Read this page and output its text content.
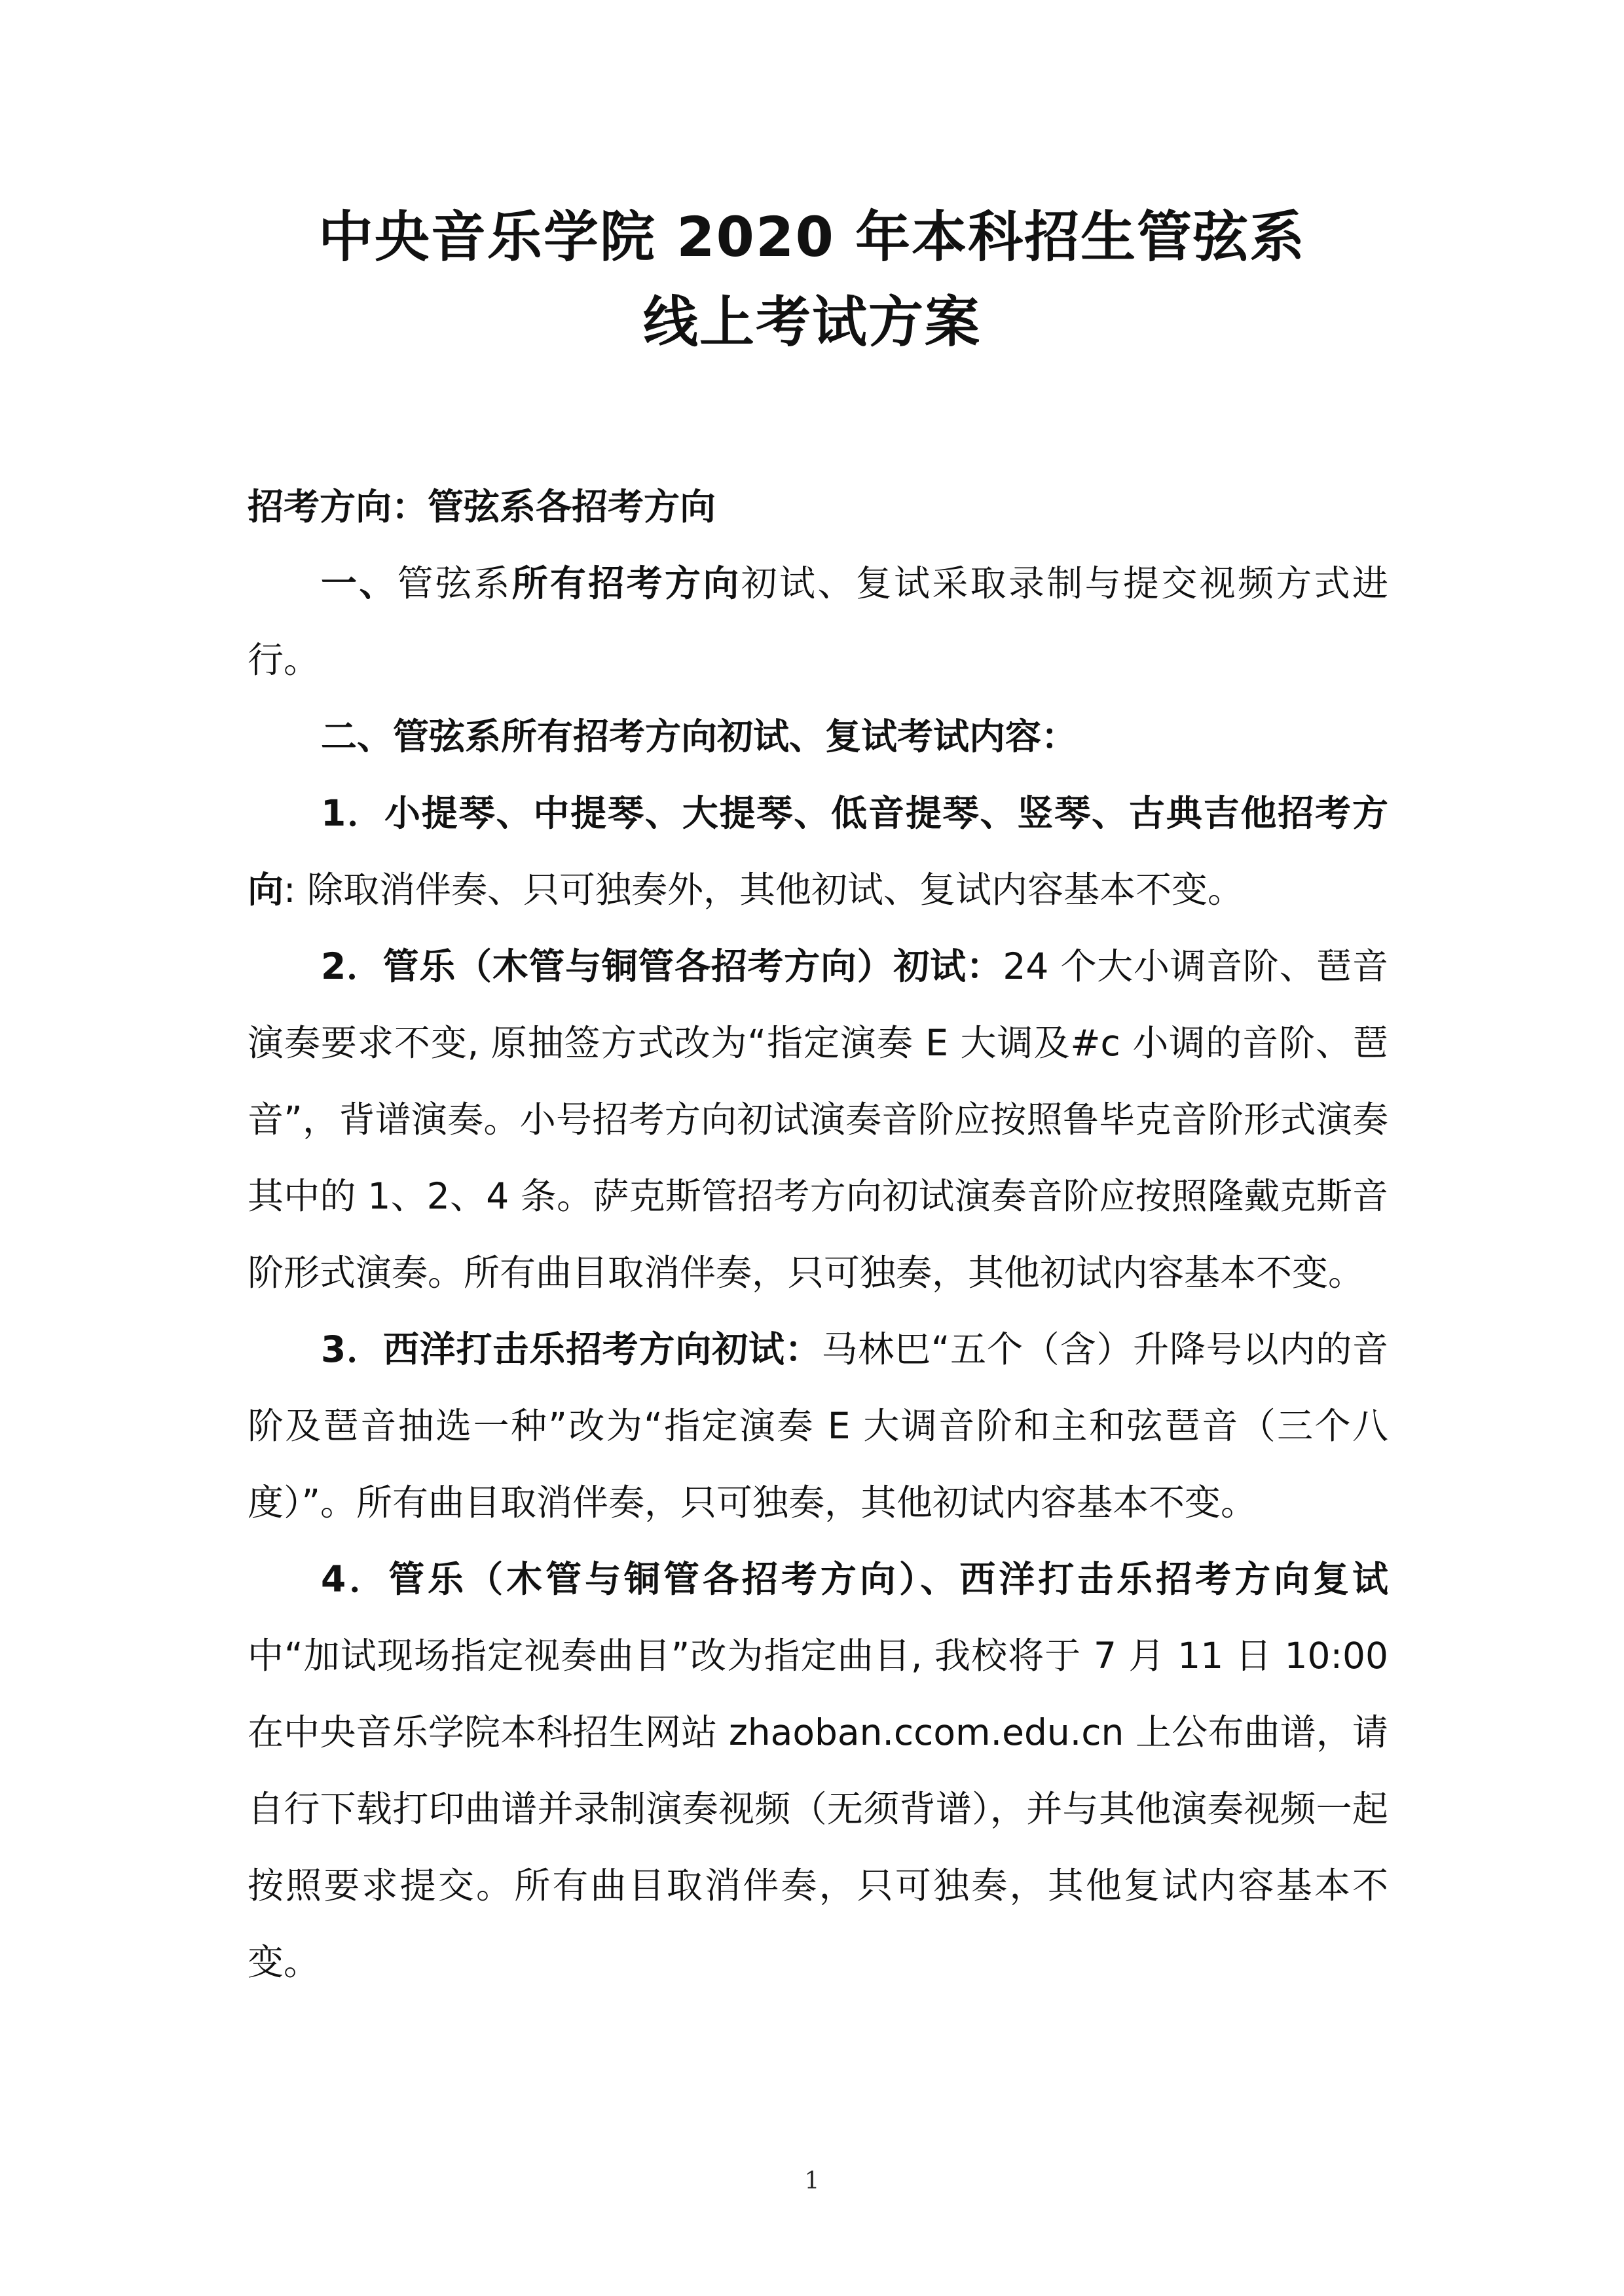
中央音乐学院 2020 年本科招生管弦系
线上考试方案

招考方向：管弦系各招考方向

一、管弦系所有招考方向初试、复试采取录制与提交视频方式进行。

二、管弦系所有招考方向初试、复试考试内容：

1．小提琴、中提琴、大提琴、低音提琴、竖琴、古典吉他招考方向: 除取消伴奏、只可独奏外，其他初试、复试内容基本不变。

2．管乐（木管与铜管各招考方向）初试：24 个大小调音阶、琶音演奏要求不变, 原抽签方式改为“指定演奏 E 大调及#c 小调的音阶、琶音”，背谱演奏。小号招考方向初试演奏音阶应按照鲁毕克音阶形式演奏其中的 1、2、4 条。萨克斯管招考方向初试演奏音阶应按照隆戴克斯音阶形式演奏。所有曲目取消伴奏，只可独奏，其他初试内容基本不变。

3．西洋打击乐招考方向初试：马林巴“五个（含）升降号以内的音阶及琶音抽选一种”改为“指定演奏 E 大调音阶和主和弦琶音（三个八度）”。所有曲目取消伴奏，只可独奏，其他初试内容基本不变。

4．管乐（木管与铜管各招考方向）、西洋打击乐招考方向复试中“加试现场指定视奏曲目”改为指定曲目, 我校将于 7 月 11 日 10:00 在中央音乐学院本科招生网站 zhaoban.ccom.edu.cn 上公布曲谱，请自行下载打印曲谱并录制演奏视频（无须背谱），并与其他演奏视频一起按照要求提交。所有曲目取消伴奏，只可独奏，其他复试内容基本不变。

1
